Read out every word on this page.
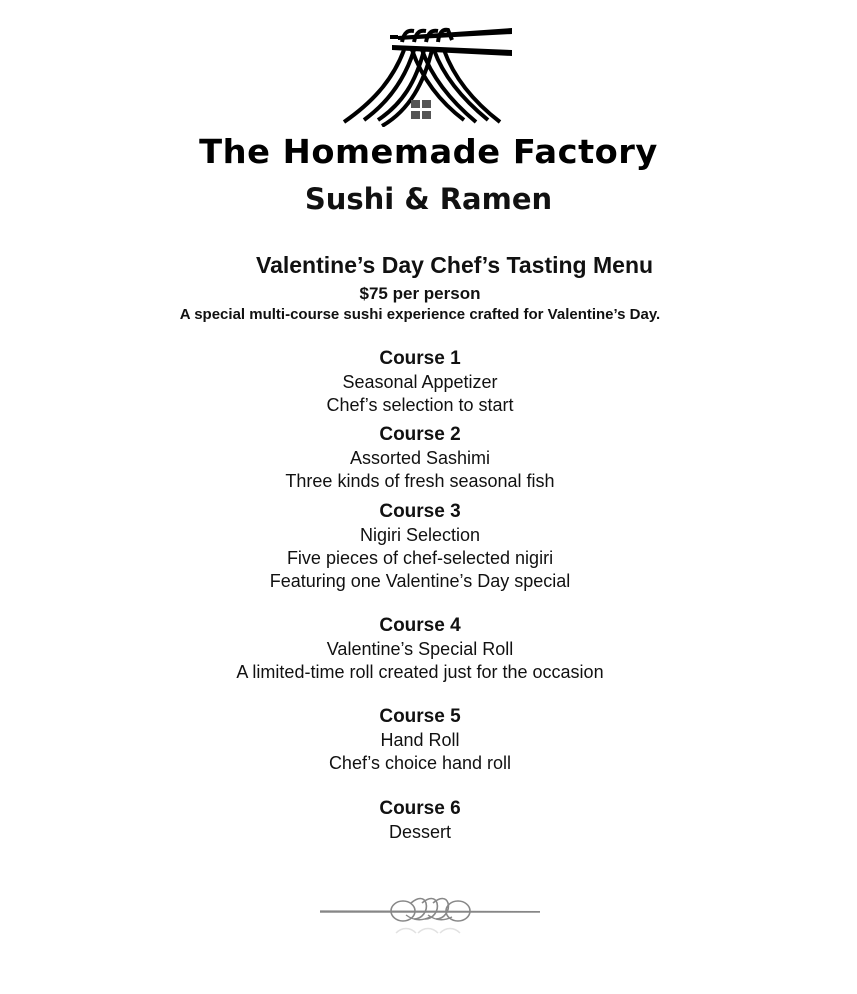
The Homemade Factory
Sushi & Ramen
Valentine’s Day Chef’s Tasting Menu
$75 per person
A special multi-course sushi experience crafted for Valentine’s Day.
Course 1
Seasonal Appetizer
Chef’s selection to start
Course 2
Assorted Sashimi
Three kinds of fresh seasonal fish
Course 3
Nigiri Selection
Five pieces of chef-selected nigiri
Featuring one Valentine’s Day special
Course 4
Valentine’s Special Roll
A limited-time roll created just for the occasion
Course 5
Hand Roll
Chef’s choice hand roll
Course 6
Dessert
